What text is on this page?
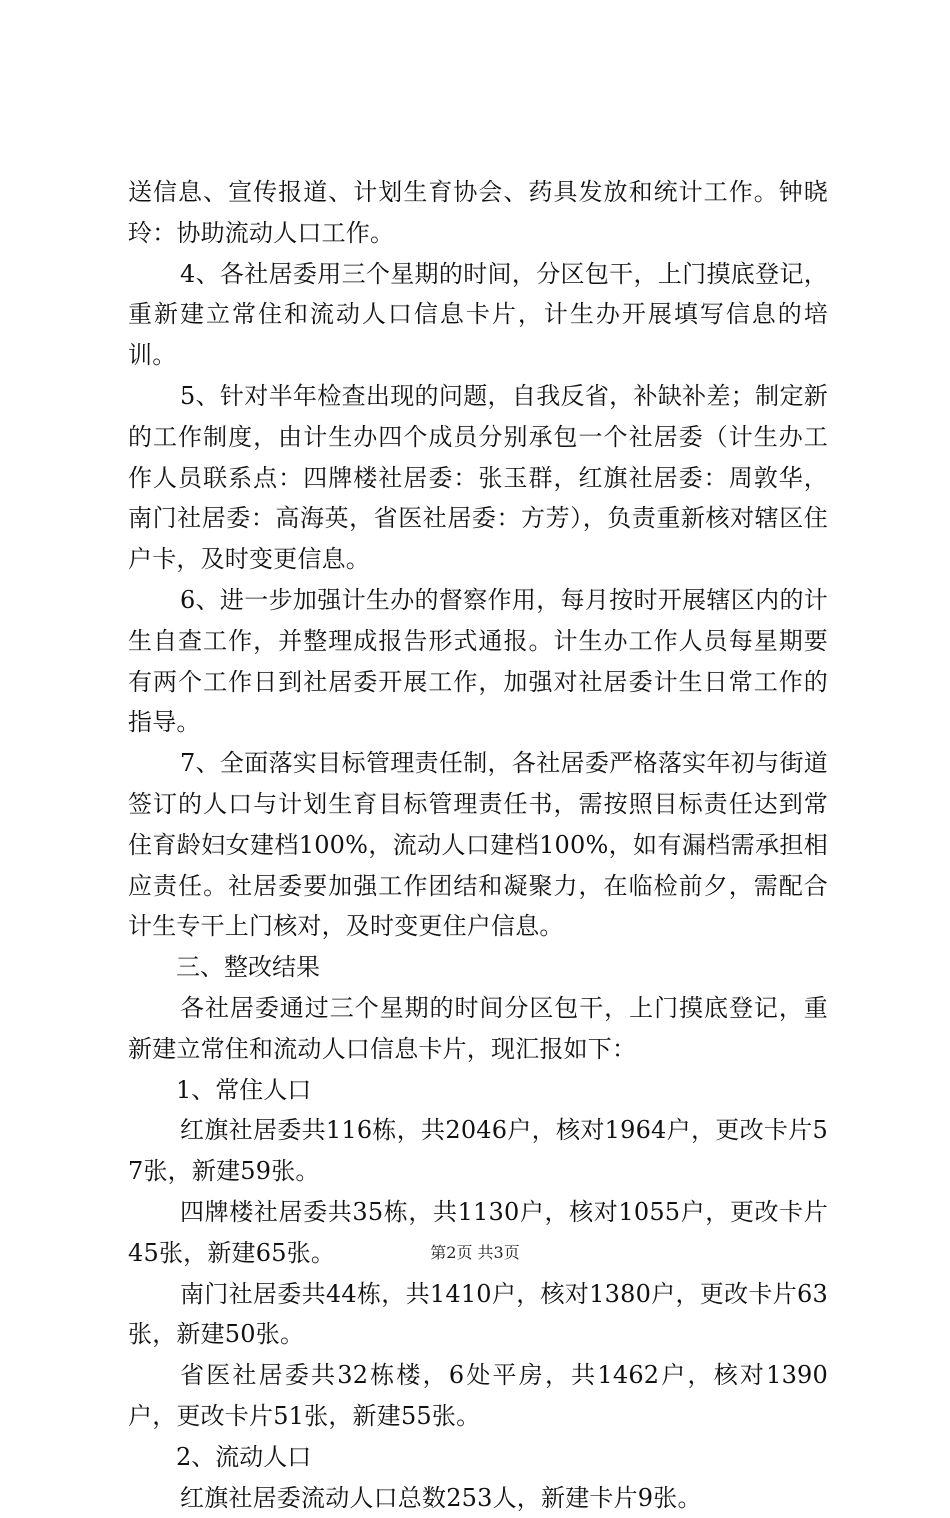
送信息、宣传报道、计划生育协会、药具发放和统计工作。钟晓玲：协助流动人口工作。

4、各社居委用三个星期的时间，分区包干，上门摸底登记，重新建立常住和流动人口信息卡片，计生办开展填写信息的培训。

5、针对半年检查出现的问题，自我反省，补缺补差；制定新的工作制度，由计生办四个成员分别承包一个社居委（计生办工作人员联系点：四牌楼社居委：张玉群，红旗社居委：周敦华，南门社居委：高海英，省医社居委：方芳），负责重新核对辖区住户卡，及时变更信息。

6、进一步加强计生办的督察作用，每月按时开展辖区内的计生自查工作，并整理成报告形式通报。计生办工作人员每星期要有两个工作日到社居委开展工作，加强对社居委计生日常工作的指导。

7、全面落实目标管理责任制，各社居委严格落实年初与街道签订的人口与计划生育目标管理责任书，需按照目标责任达到常住育龄妇女建档100%，流动人口建档100%，如有漏档需承担相应责任。社居委要加强工作团结和凝聚力，在临检前夕，需配合计生专干上门核对，及时变更住户信息。

三、整改结果

各社居委通过三个星期的时间分区包干，上门摸底登记，重新建立常住和流动人口信息卡片，现汇报如下：

1、常住人口

红旗社居委共116栋，共2046户，核对1964户，更改卡片57张，新建59张。

四牌楼社居委共35栋，共1130户，核对1055户，更改卡片45张，新建65张。

南门社居委共44栋，共1410户，核对1380户，更改卡片63张，新建50张。

省医社居委共32栋楼，6处平房，共1462户，核对1390户，更改卡片51张，新建55张。

2、流动人口

红旗社居委流动人口总数253人，新建卡片9张。

第2页 共3页
